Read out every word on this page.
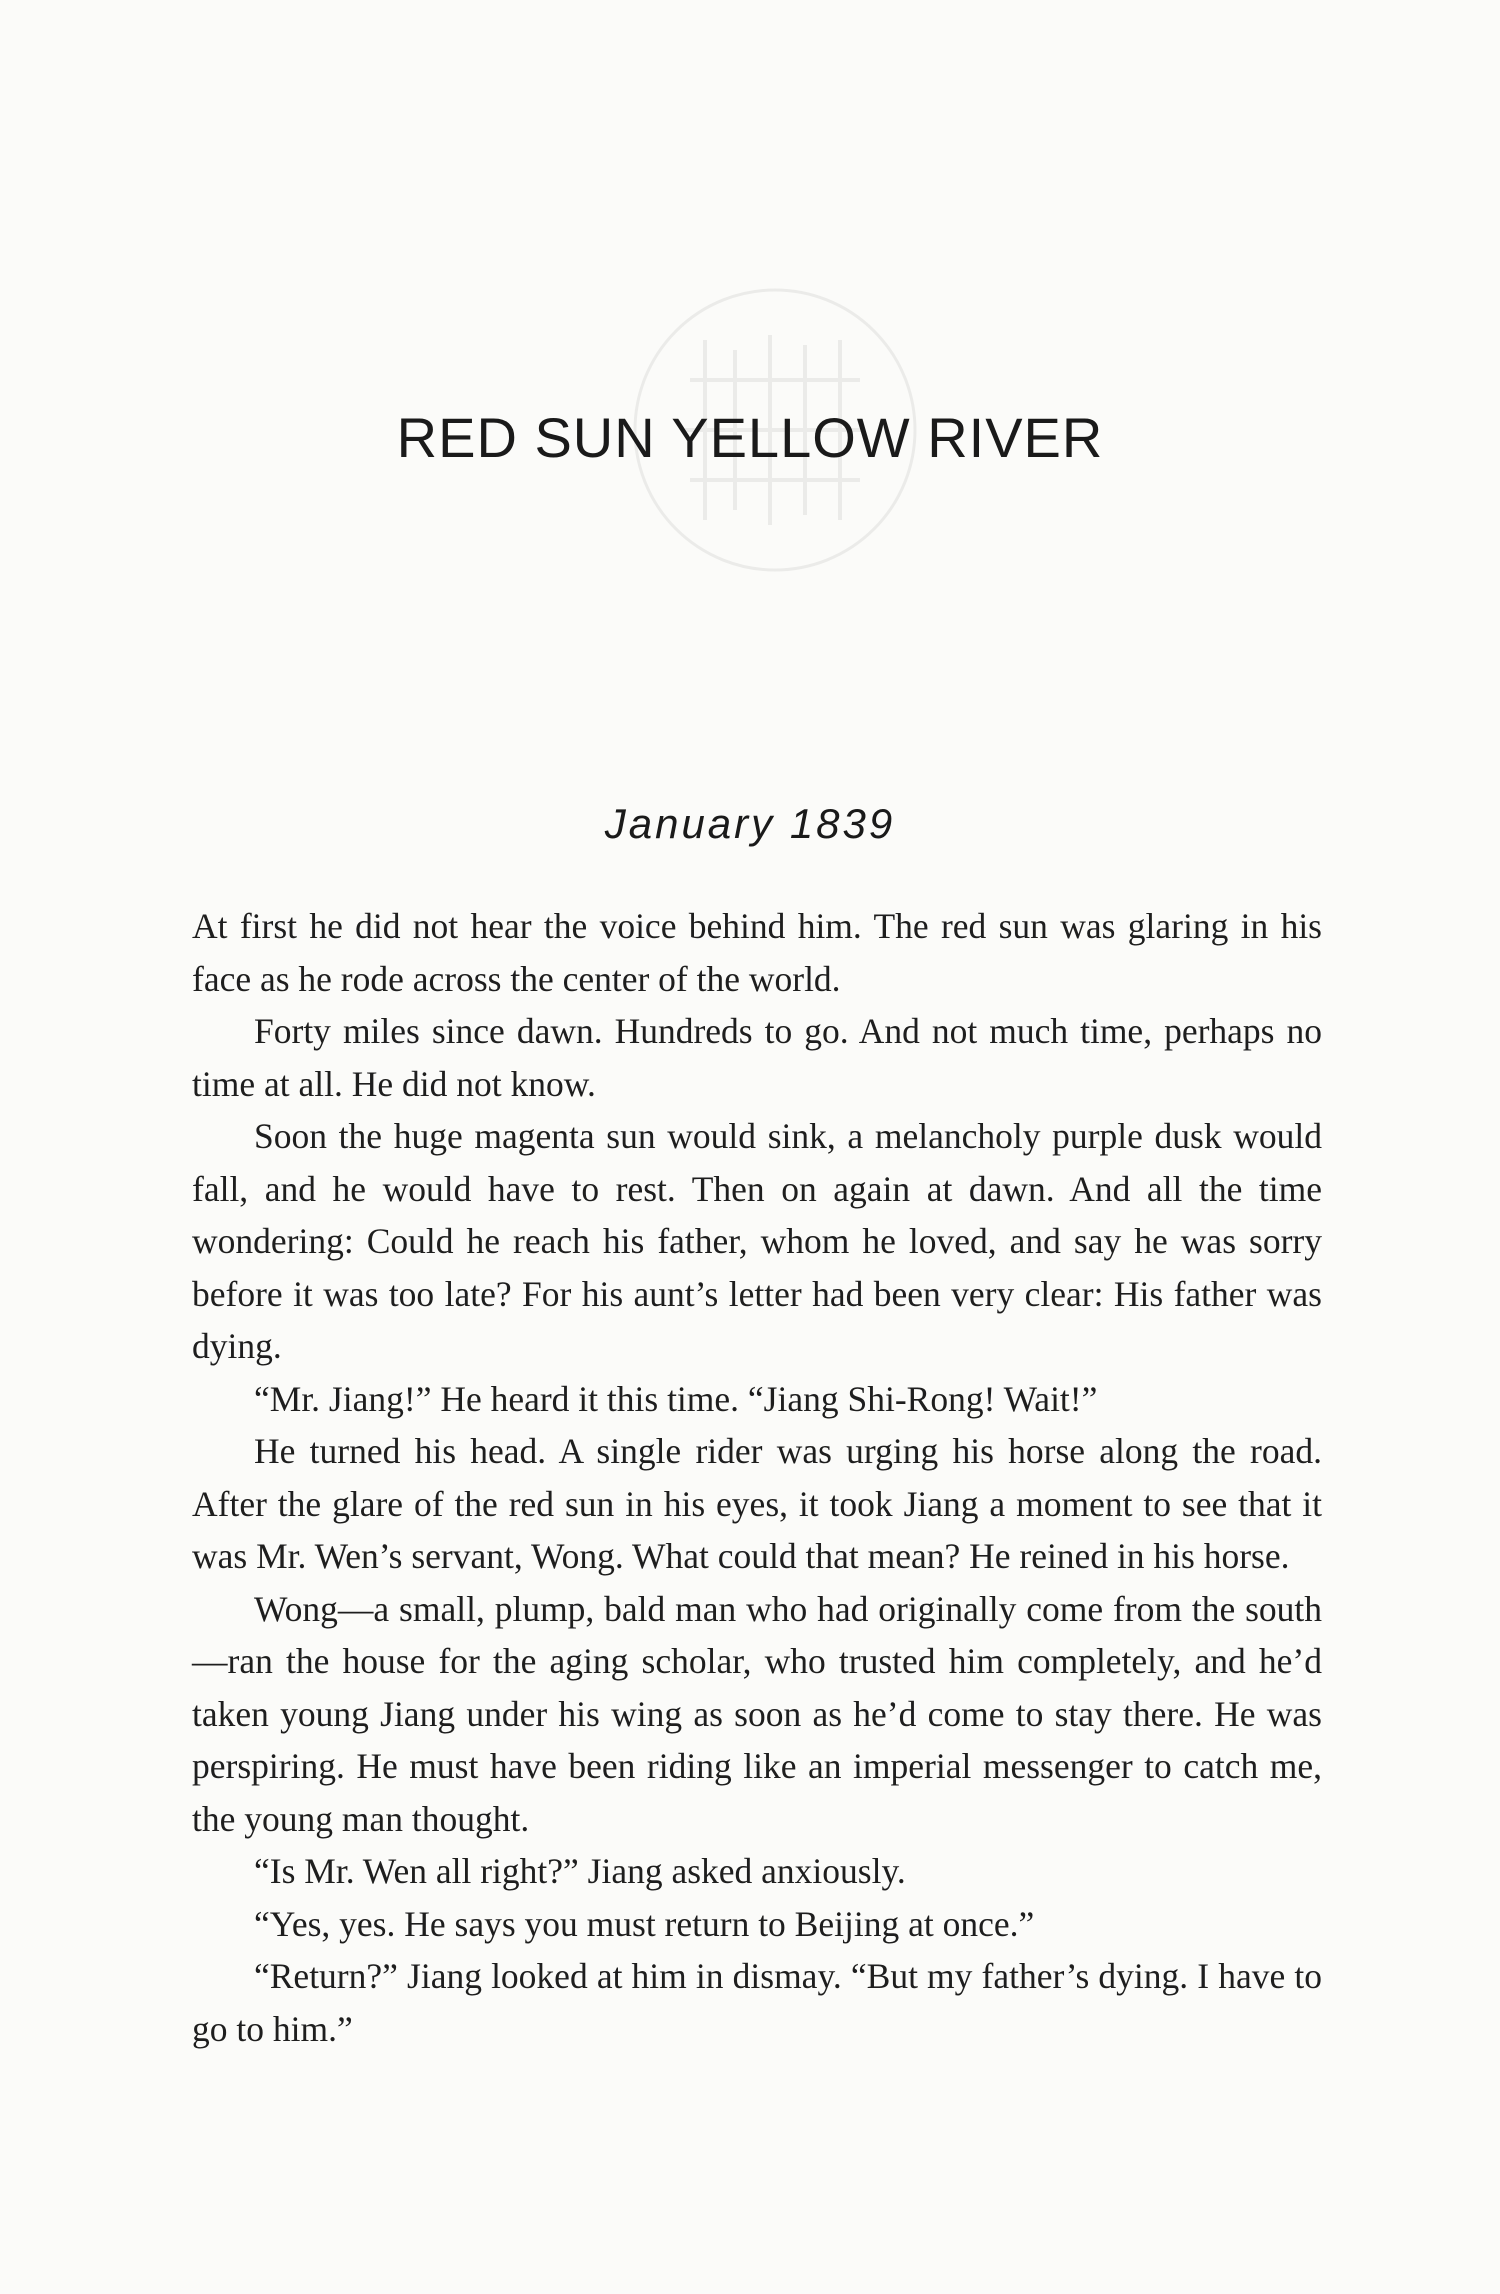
RED SUN YELLOW RIVER
January 1839

At first he did not hear the voice behind him. The red sun was glaring in his face as he rode across the center of the world.

Forty miles since dawn. Hundreds to go. And not much time, perhaps no time at all. He did not know.

Soon the huge magenta sun would sink, a melancholy purple dusk would fall, and he would have to rest. Then on again at dawn. And all the time wondering: Could he reach his father, whom he loved, and say he was sorry before it was too late? For his aunt’s letter had been very clear: His father was dying.

“Mr. Jiang!” He heard it this time. “Jiang Shi-Rong! Wait!”

He turned his head. A single rider was urging his horse along the road. After the glare of the red sun in his eyes, it took Jiang a moment to see that it was Mr. Wen’s servant, Wong. What could that mean? He reined in his horse.

Wong—a small, plump, bald man who had originally come from the south—ran the house for the aging scholar, who trusted him completely, and he’d taken young Jiang under his wing as soon as he’d come to stay there. He was perspiring. He must have been riding like an imperial messenger to catch me, the young man thought.

“Is Mr. Wen all right?” Jiang asked anxiously.

“Yes, yes. He says you must return to Beijing at once.”

“Return?” Jiang looked at him in dismay. “But my father’s dying. I have to go to him.”
